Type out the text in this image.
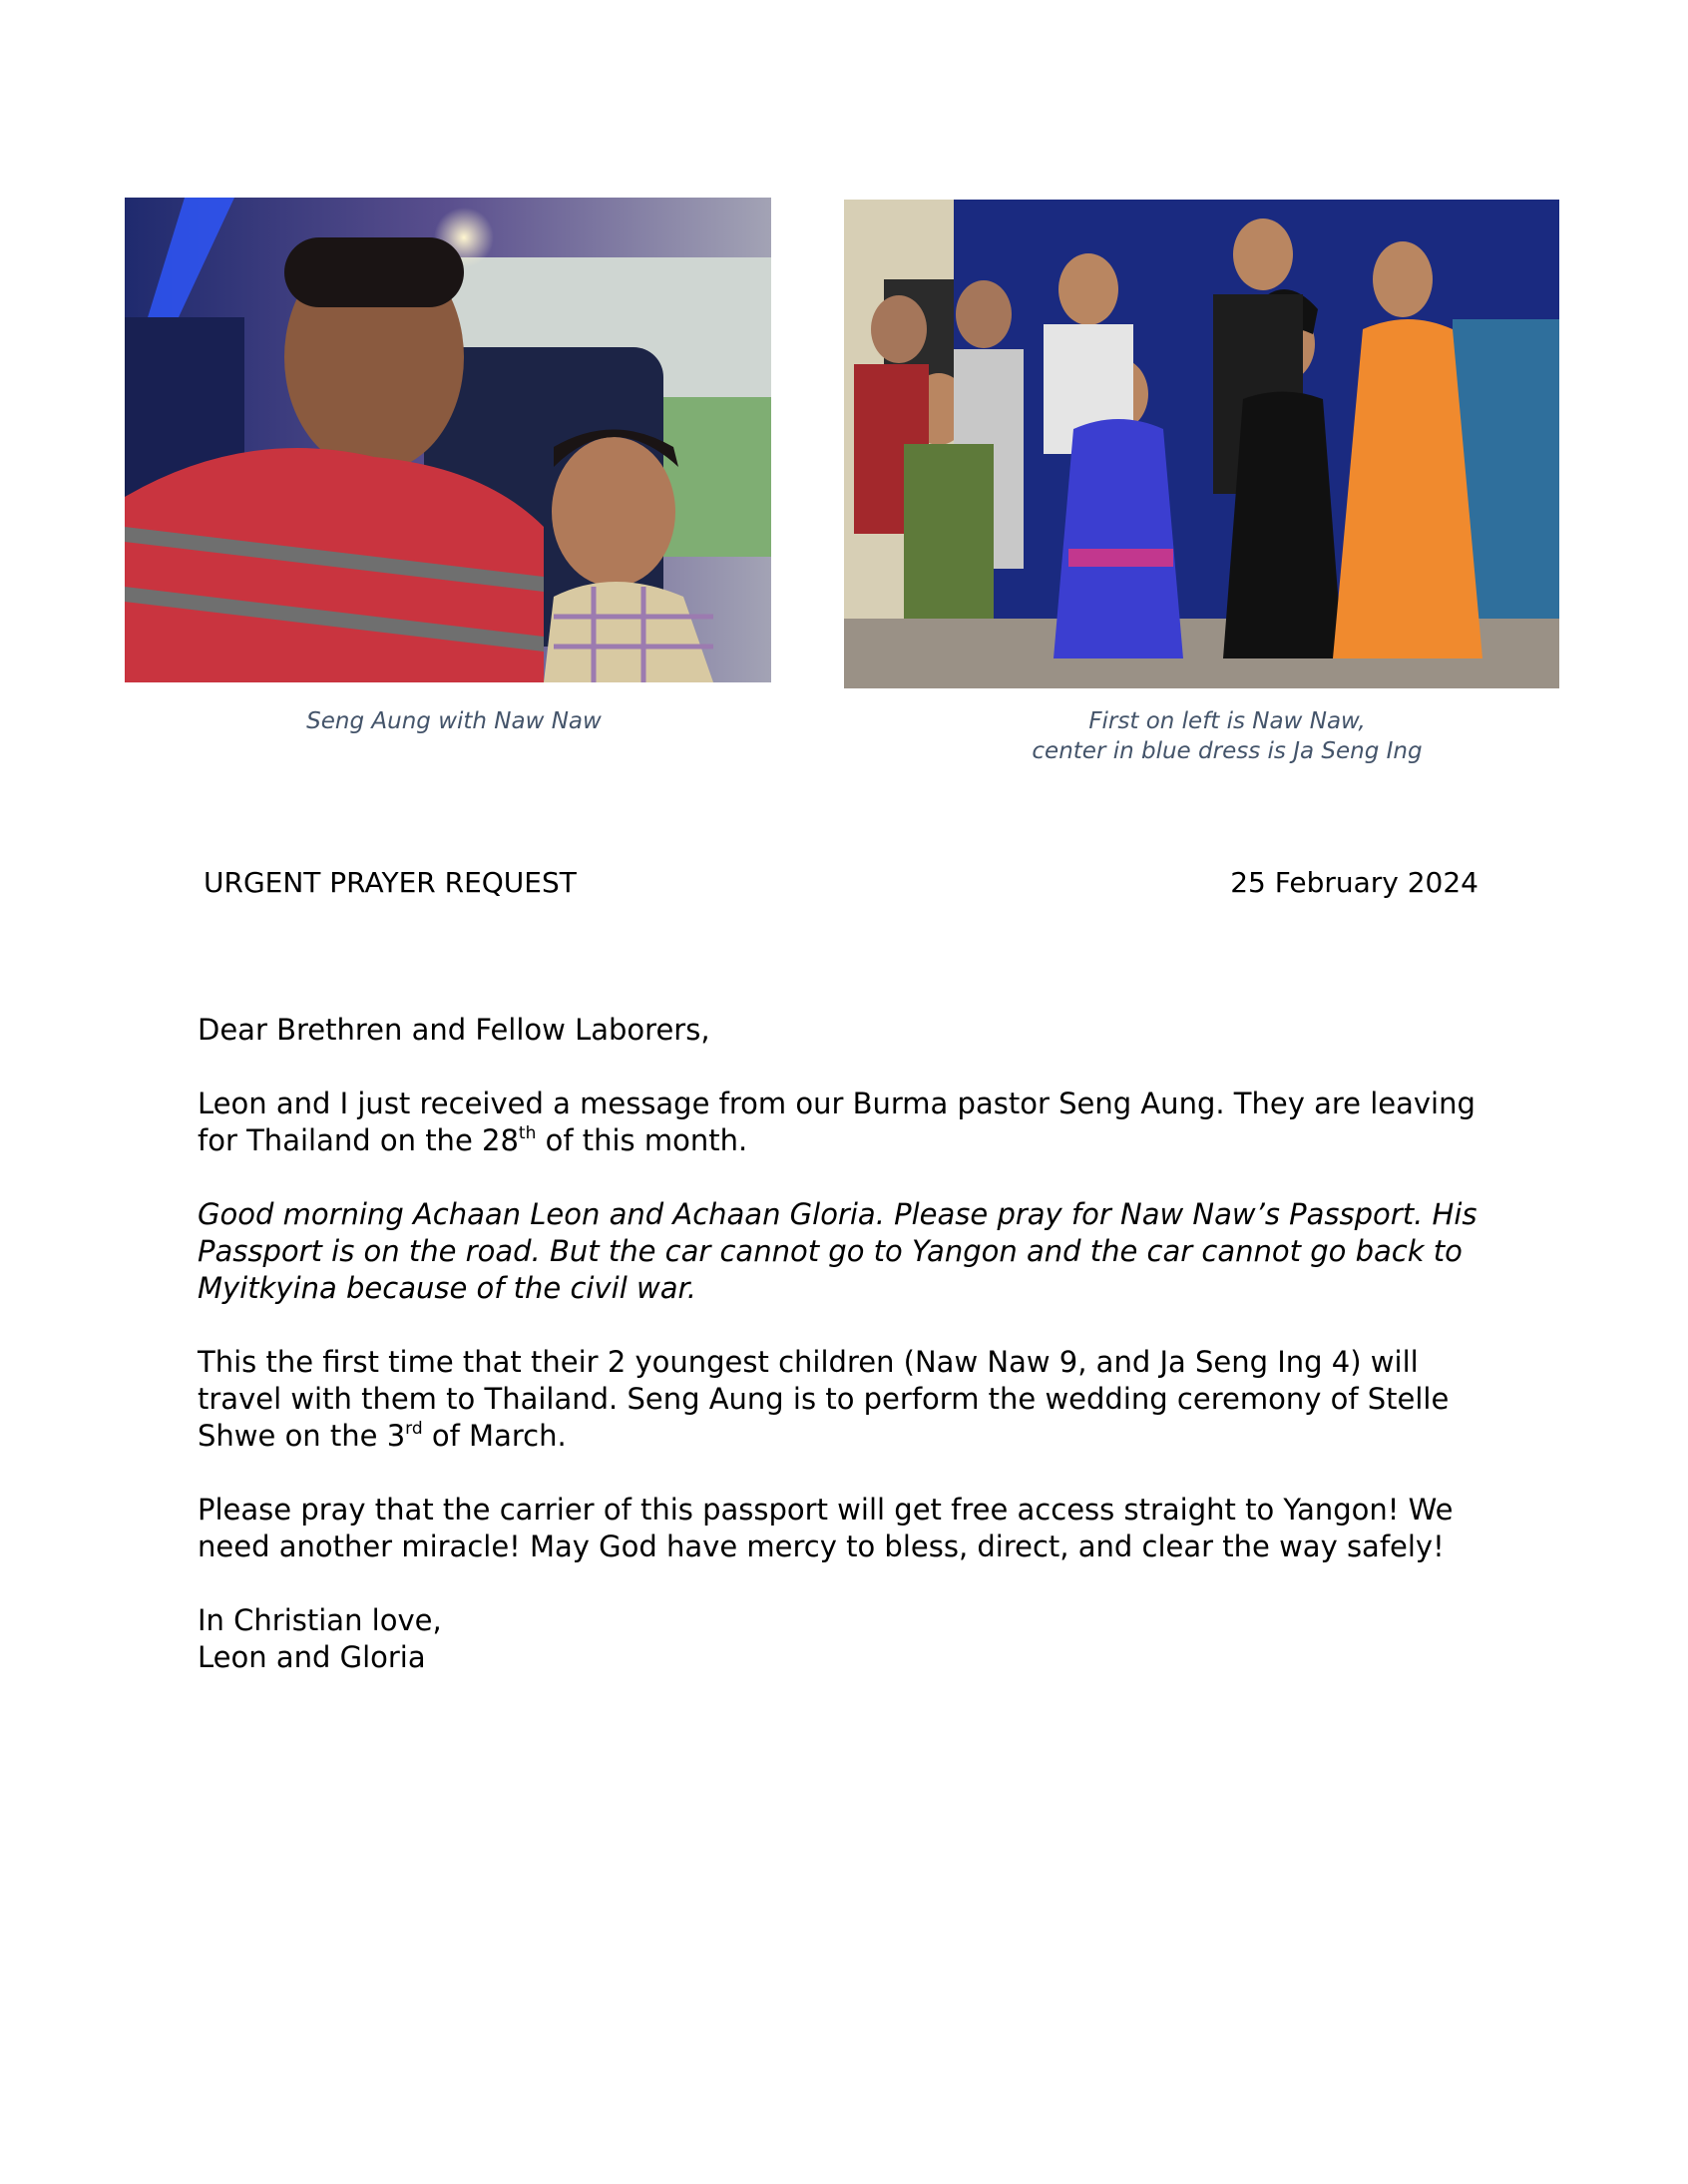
Seng Aung with Naw Naw	First on left is Naw Naw,
center in blue dress is Ja Seng Ing
URGENT PRAYER REQUEST	25 February 2024

Dear Brethren and Fellow Laborers,

Leon and I just received a message from our Burma pastor Seng Aung. They are leaving for Thailand on the 28th of this month.

Good morning Achaan Leon and Achaan Gloria. Please pray for Naw Naw’s Passport. His Passport is on the road. But the car cannot go to Yangon and the car cannot go back to Myitkyina because of the civil war.

This the first time that their 2 youngest children (Naw Naw 9, and Ja Seng Ing 4) will travel with them to Thailand. Seng Aung is to perform the wedding ceremony of Stelle Shwe on the 3rd of March.

Please pray that the carrier of this passport will get free access straight to Yangon! We need another miracle! May God have mercy to bless, direct, and clear the way safely!

In Christian love,
Leon and Gloria
